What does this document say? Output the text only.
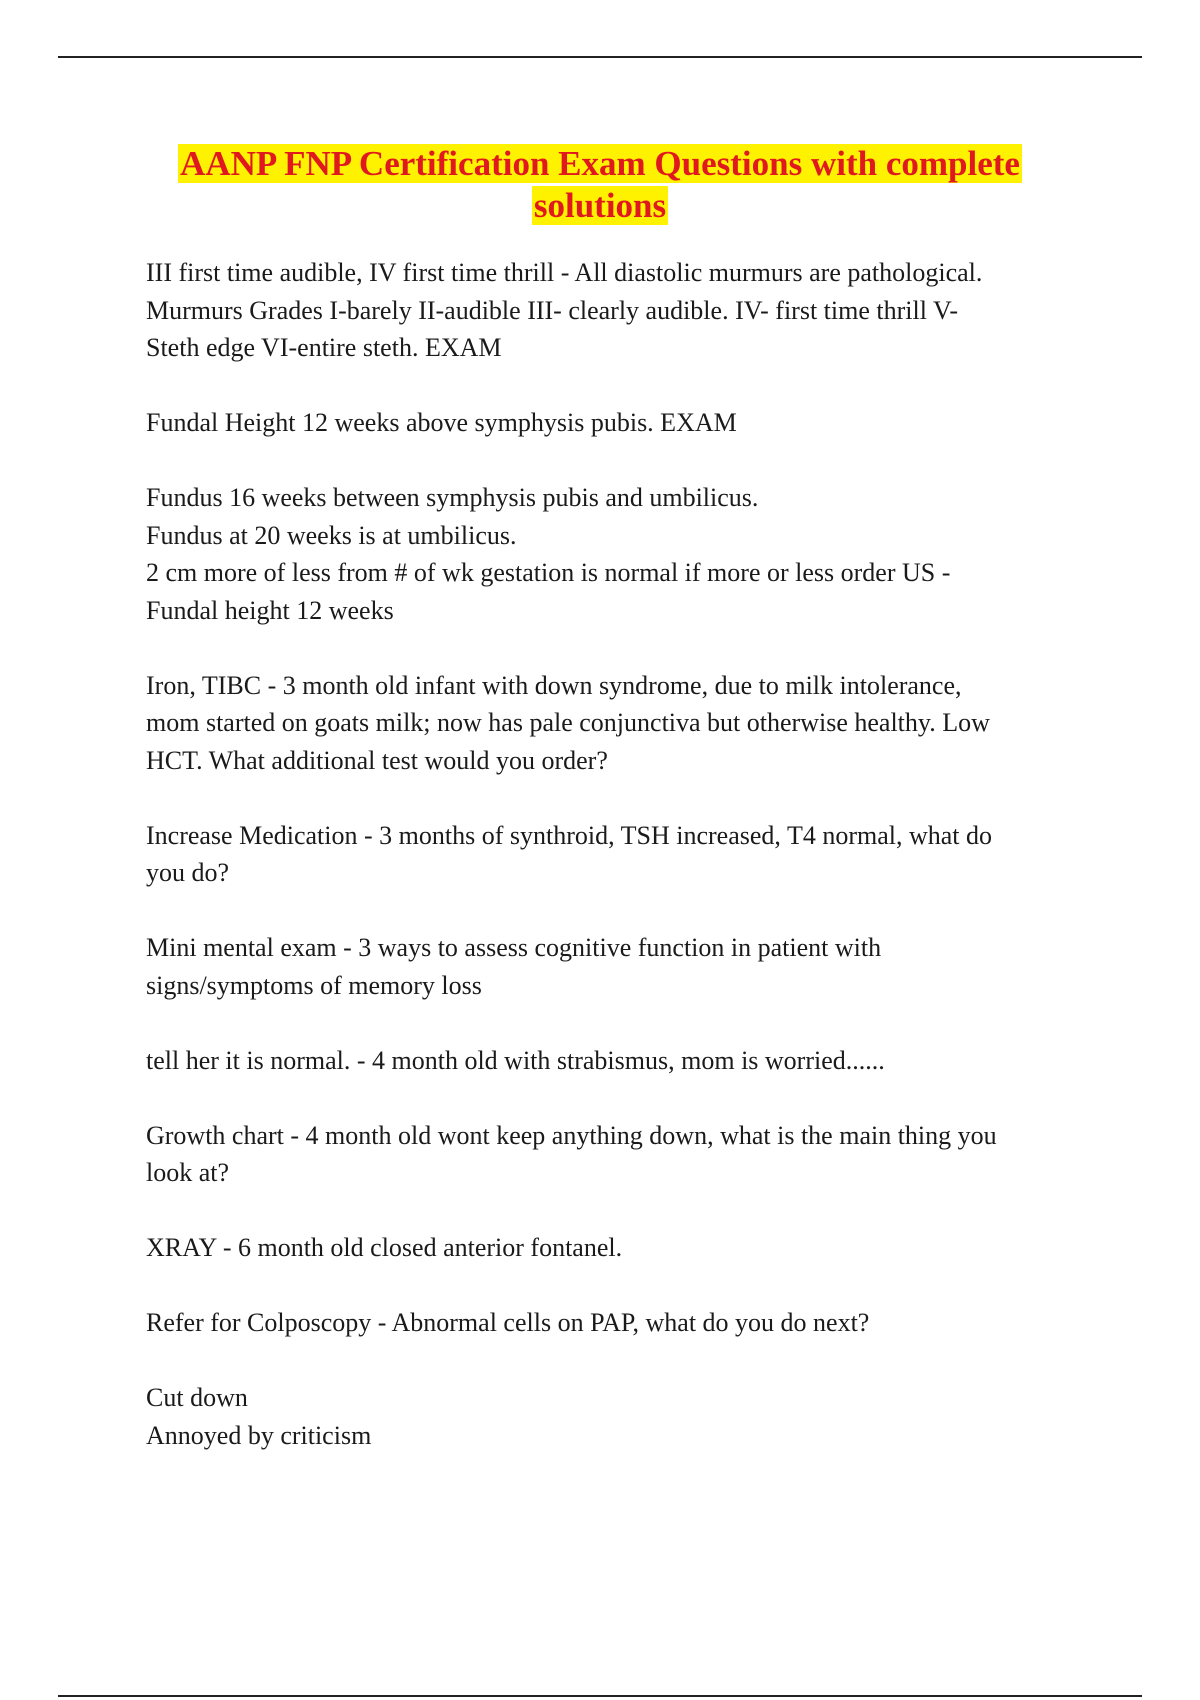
AANP FNP Certification Exam Questions with complete
solutions
III first time audible, IV first time thrill - All diastolic murmurs are pathological.
Murmurs Grades I-barely II-audible III- clearly audible. IV- first time thrill V-
Steth edge VI-entire steth. EXAM
Fundal Height 12 weeks above symphysis pubis. EXAM
Fundus 16 weeks between symphysis pubis and umbilicus.
Fundus at 20 weeks is at umbilicus.
2 cm more of less from # of wk gestation is normal if more or less order US -
Fundal height 12 weeks
Iron, TIBC - 3 month old infant with down syndrome, due to milk intolerance,
mom started on goats milk; now has pale conjunctiva but otherwise healthy. Low
HCT. What additional test would you order?
Increase Medication - 3 months of synthroid, TSH increased, T4 normal, what do
you do?
Mini mental exam - 3 ways to assess cognitive function in patient with
signs/symptoms of memory loss
tell her it is normal. - 4 month old with strabismus, mom is worried......
Growth chart - 4 month old wont keep anything down, what is the main thing you
look at?
XRAY - 6 month old closed anterior fontanel.
Refer for Colposcopy - Abnormal cells on PAP, what do you do next?
Cut down
Annoyed by criticism
